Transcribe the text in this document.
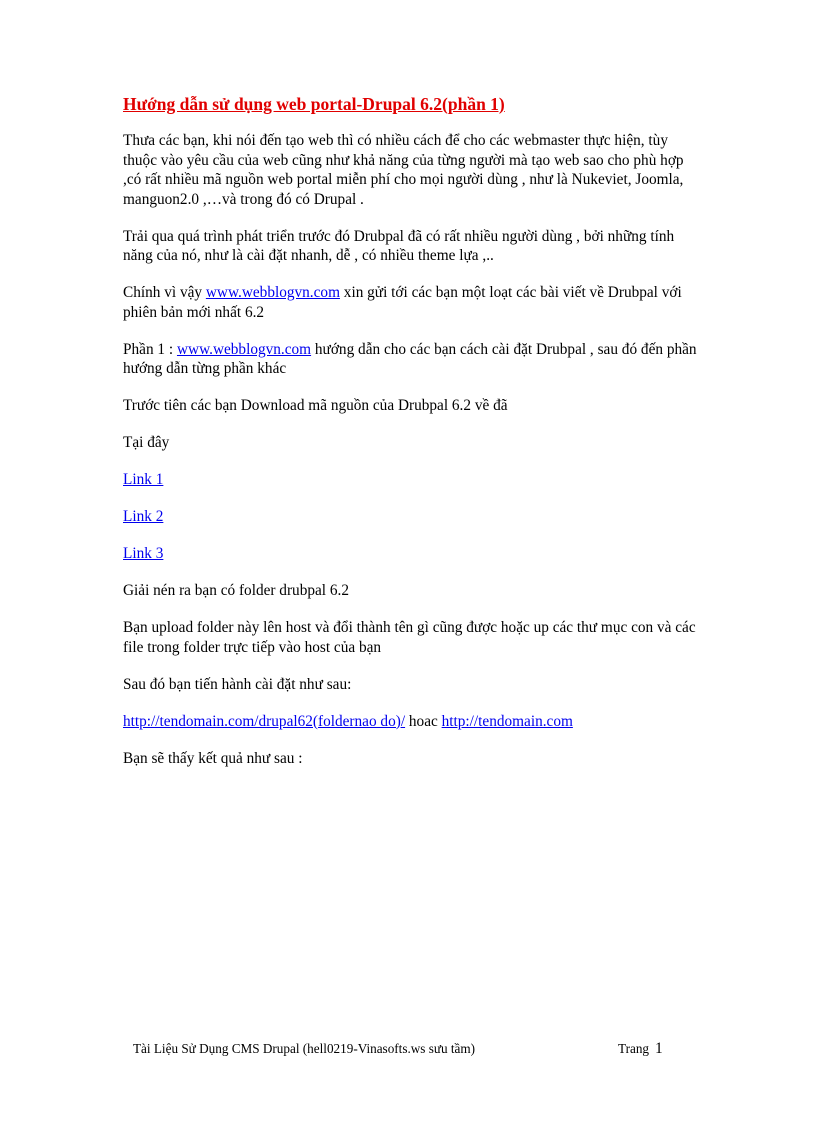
Hướng dẫn sử dụng web portal-Drupal 6.2(phần 1)
Thưa các bạn, khi nói đến tạo web thì có nhiều cách để cho các webmaster thực hiện, tùy thuộc vào yêu cầu của web cũng như khả năng của từng người mà tạo web sao cho phù hợp ,có rất nhiều mã nguồn web portal miễn phí cho mọi người dùng , như là Nukeviet, Joomla, manguon2.0 ,…và trong đó có Drupal .
Trải qua quá trình phát triển trước đó Drubpal đã có rất nhiều người dùng , bởi những tính năng của nó, như là cài đặt nhanh, dễ , có nhiều theme lựa ,..
Chính vì vậy www.webblogvn.com xin gửi tới các bạn một loạt các bài viết về Drubpal với phiên bản mới nhất 6.2
Phần 1 : www.webblogvn.com hướng dẫn cho các bạn cách cài đặt Drubpal , sau đó đến phần hướng dẫn từng phần khác
Trước tiên các bạn Download mã nguồn của Drubpal 6.2 về đã
Tại đây
Link 1
Link 2
Link 3
Giải nén ra bạn có folder drubpal 6.2
Bạn upload folder này lên host và đổi thành tên gì cũng được hoặc up các thư mục con và các file trong folder trực tiếp vào host của bạn
Sau đó bạn tiến hành cài đặt như sau:
http://tendomain.com/drupal62(foldernao do)/ hoac http://tendomain.com
Bạn sẽ thấy kết quả như sau :
Tài Liệu Sử Dụng CMS Drupal (hell0219-Vinasofts.ws sưu tầm)	Trang 1
